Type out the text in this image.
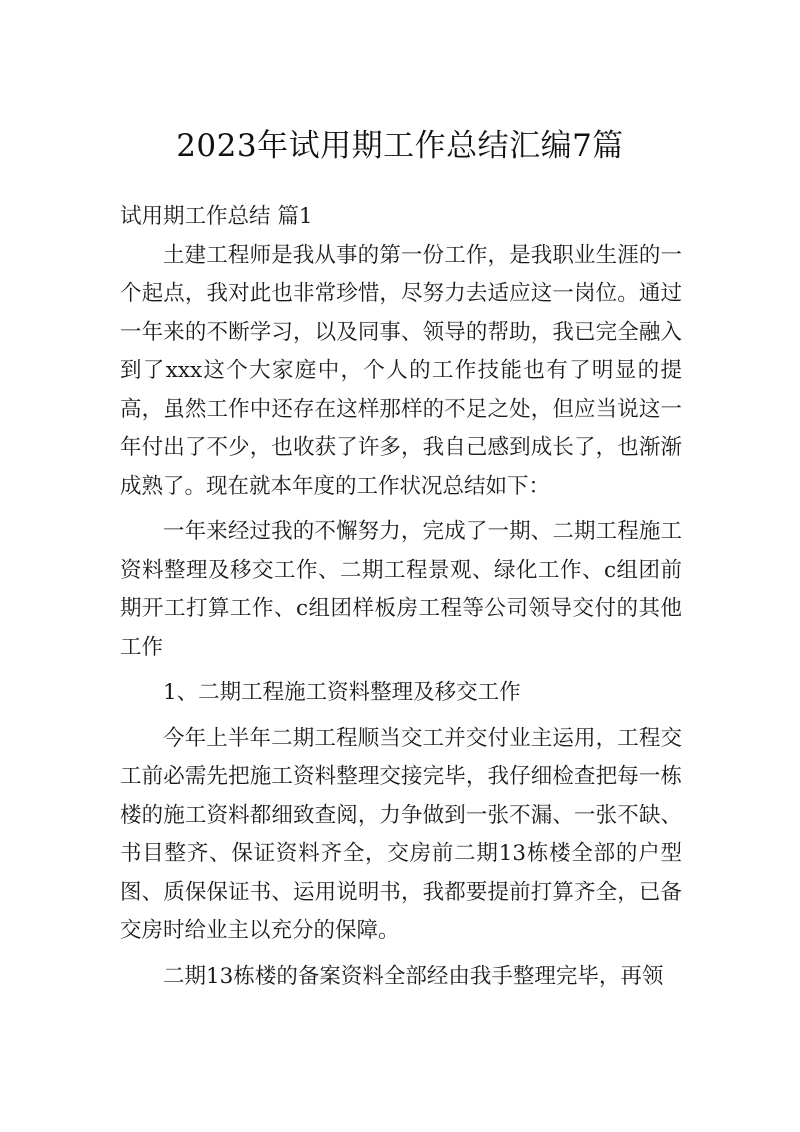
2023年试用期工作总结汇编7篇

试用期工作总结 篇1

土建工程师是我从事的第一份工作，是我职业生涯的一个起点，我对此也非常珍惜，尽努力去适应这一岗位。通过一年来的不断学习，以及同事、领导的帮助，我已完全融入到了xxx这个大家庭中，个人的工作技能也有了明显的提高，虽然工作中还存在这样那样的不足之处，但应当说这一年付出了不少，也收获了许多，我自己感到成长了，也渐渐成熟了。现在就本年度的工作状况总结如下：

一年来经过我的不懈努力，完成了一期、二期工程施工资料整理及移交工作、二期工程景观、绿化工作、c组团前期开工打算工作、c组团样板房工程等公司领导交付的其他工作

1、二期工程施工资料整理及移交工作

今年上半年二期工程顺当交工并交付业主运用，工程交工前必需先把施工资料整理交接完毕，我仔细检查把每一栋楼的施工资料都细致查阅，力争做到一张不漏、一张不缺、书目整齐、保证资料齐全，交房前二期13栋楼全部的户型图、质保保证书、运用说明书，我都要提前打算齐全，已备交房时给业主以充分的保障。

二期13栋楼的备案资料全部经由我手整理完毕，再领
